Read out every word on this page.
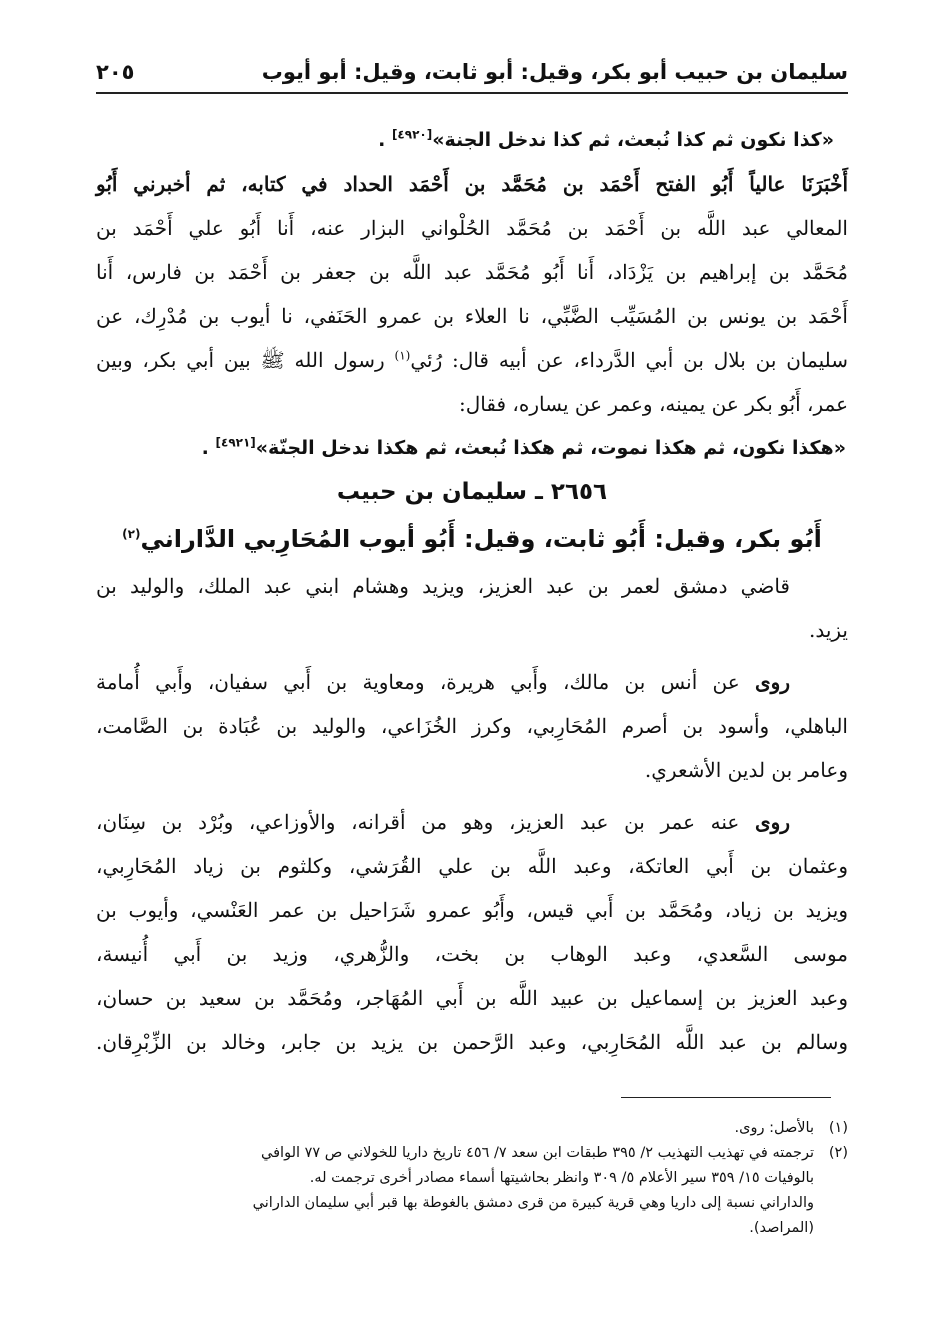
سليمان بن حبيب أبو بكر، وقيل: أبو ثابت، وقيل: أبو أيوب
٢٠٥
«كذا نكون ثم كذا نُبعث، ثم كذا ندخل الجنة»[٤٩٢٠] .
أَخْبَرَنَا عالياً أَبُو الفتح أَحْمَد بن مُحَمَّد بن أَحْمَد الحداد في كتابه، ثم أخبرني أَبُو
المعالي عبد اللَّه بن أَحْمَد بن مُحَمَّد الحُلْواني البزار عنه، أَنا أَبُو علي أَحْمَد بن
مُحَمَّد بن إبراهيم بن يَزْدَاد، أَنا أَبُو مُحَمَّد عبد اللَّه بن جعفر بن أَحْمَد بن فارس، أَنا
أَحْمَد بن يونس بن المُسَيِّب الضَّبِّي، نا العلاء بن عمرو الحَنَفي، نا أيوب بن مُدْرِك، عن
سليمان بن بلال بن أبي الدَّرداء، عن أبيه قال: رُئي$^{(١)}$ رسول الله ﷺ بين أبي بكر، وبين
عمر، أَبُو بكر عن يمينه، وعمر عن يساره، فقال:
«هكذا نكون، ثم هكذا نموت، ثم هكذا نُبعث، ثم هكذا ندخل الجنّة»[٤٩٢١] .
٢٦٥٦ ـ سليمان بن حبيب
أَبُو بكر، وقيل: أَبُو ثابت، وقيل: أَبُو أيوب المُحَارِبي الدَّاراني$^{(٢)}$
قاضي دمشق لعمر بن عبد العزيز، ويزيد وهشام ابني عبد الملك، والوليد بن
يزيد.
روى عن أنس بن مالك، وأَبي هريرة، ومعاوية بن أَبي سفيان، وأَبي أُمامة
الباهلي، وأسود بن أصرم المُحَارِبي، وكرز الخُزَاعي، والوليد بن عُبَادة بن الصَّامت،
وعامر بن لدين الأشعري.
روى عنه عمر بن عبد العزيز، وهو من أقرانه، والأوزاعي، وبُرْد بن سِنَان،
وعثمان بن أَبي العاتكة، وعبد اللَّه بن علي القُرَشي، وكلثوم بن زياد المُحَارِبي،
ويزيد بن زياد، ومُحَمَّد بن أَبي قيس، وأَبُو عمرو شَرَاحيل بن عمر العَنْسي، وأيوب بن
موسى السَّعدي، وعبد الوهاب بن بخت، والزُّهري، وزيد بن أَبي أُنيسة،
وعبد العزيز بن إسماعيل بن عبيد اللَّه بن أَبي المُهَاجر، ومُحَمَّد بن سعيد بن حسان،
وسالم بن عبد اللَّه المُحَارِبي، وعبد الرَّحمن بن يزيد بن جابر، وخالد بن الزِّبْرِقان.
(١)بالأصل: روى.
(٢)ترجمته في تهذيب التهذيب ٢/ ٣٩٥ طبقات ابن سعد ٧/ ٤٥٦ تاريخ داريا للخولاني ص ٧٧ الوافي
بالوفيات ١٥/ ٣٥٩ سير الأعلام ٥/ ٣٠٩ وانظر بحاشيتها أسماء مصادر أخرى ترجمت له.
والداراني نسبة إلى داريا وهي قرية كبيرة من قرى دمشق بالغوطة بها قبر أبي سليمان الداراني
(المراصد).
